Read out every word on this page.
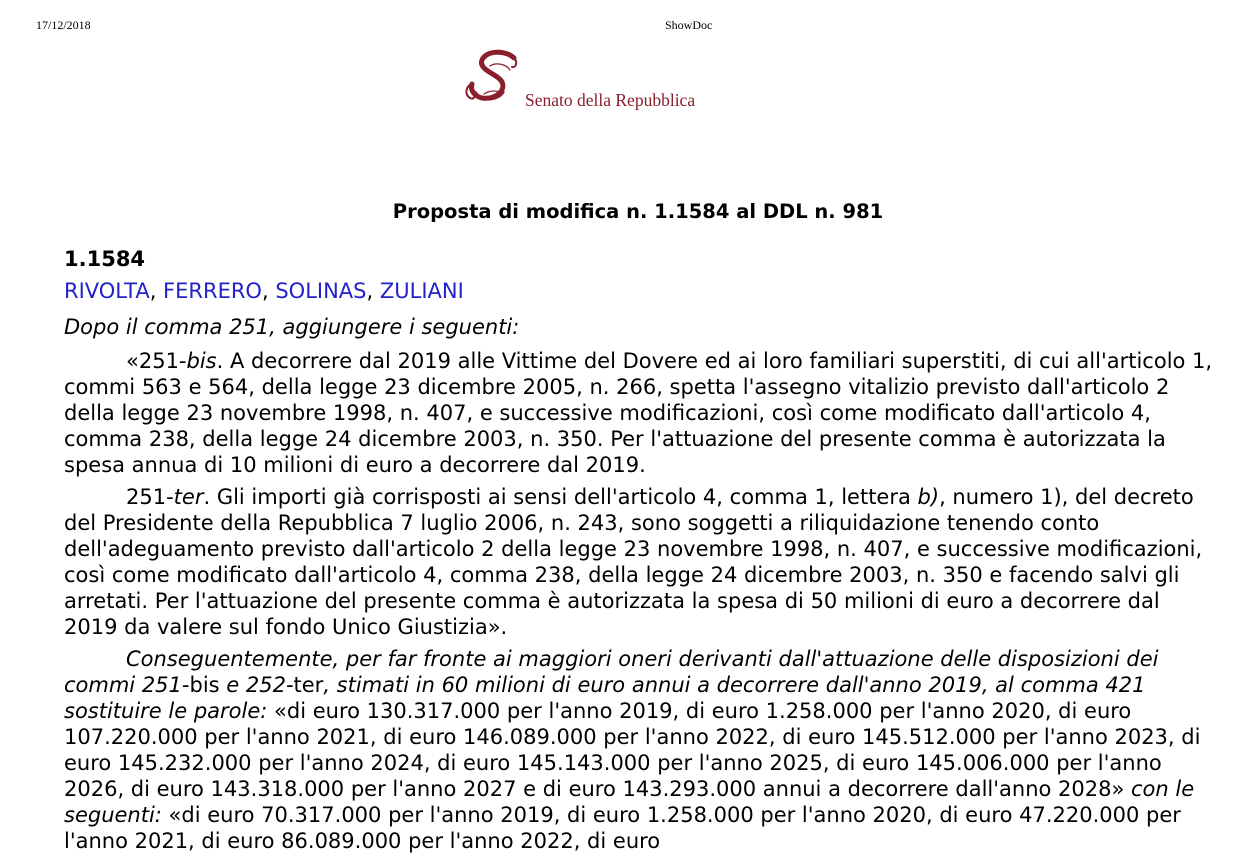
17/12/2018	ShowDoc
Senato della Repubblica
Proposta di modifica n. 1.1584 al DDL n. 981

1.1584

RIVOLTA, FERRERO, SOLINAS, ZULIANI

Dopo il comma 251, aggiungere i seguenti:

«251-bis. A decorrere dal 2019 alle Vittime del Dovere ed ai loro familiari superstiti, di cui all'articolo 1, commi 563 e 564, della legge 23 dicembre 2005, n. 266, spetta l'assegno vitalizio previsto dall'articolo 2 della legge 23 novembre 1998, n. 407, e successive modificazioni, così come modificato dall'articolo 4, comma 238, della legge 24 dicembre 2003, n. 350. Per l'attuazione del presente comma è autorizzata la spesa annua di 10 milioni di euro a decorrere dal 2019.

251-ter. Gli importi già corrisposti ai sensi dell'articolo 4, comma 1, lettera b), numero 1), del decreto del Presidente della Repubblica 7 luglio 2006, n. 243, sono soggetti a riliquidazione tenendo conto dell'adeguamento previsto dall'articolo 2 della legge 23 novembre 1998, n. 407, e successive modificazioni, così come modificato dall'articolo 4, comma 238, della legge 24 dicembre 2003, n. 350 e facendo salvi gli arretati. Per l'attuazione del presente comma è autorizzata la spesa di 50 milioni di euro a decorrere dal 2019 da valere sul fondo Unico Giustizia».

Conseguentemente, per far fronte ai maggiori oneri derivanti dall'attuazione delle disposizioni dei commi 251-bis e 252-ter, stimati in 60 milioni di euro annui a decorrere dall'anno 2019, al comma 421 sostituire le parole: «di euro 130.317.000 per l'anno 2019, di euro 1.258.000 per l'anno 2020, di euro 107.220.000 per l'anno 2021, di euro 146.089.000 per l'anno 2022, di euro 145.512.000 per l'anno 2023, di euro 145.232.000 per l'anno 2024, di euro 145.143.000 per l'anno 2025, di euro 145.006.000 per l'anno 2026, di euro 143.318.000 per l'anno 2027 e di euro 143.293.000 annui a decorrere dall'anno 2028» con le seguenti: «di euro 70.317.000 per l'anno 2019, di euro 1.258.000 per l'anno 2020, di euro 47.220.000 per l'anno 2021, di euro 86.089.000 per l'anno 2022, di euro
